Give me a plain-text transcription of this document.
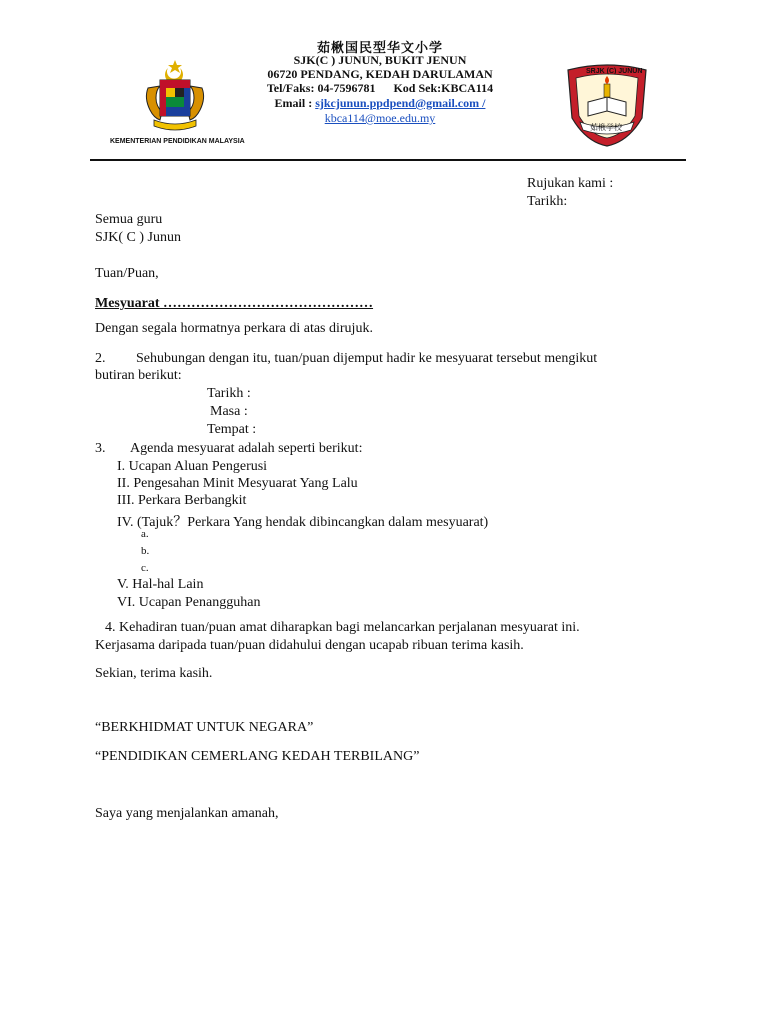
KEMENTERIAN PENDIDIKAN MALAYSIA
茹楸国民型华文小学
SJK(C ) JUNUN, BUKIT JENUN
06720 PENDANG, KEDAH DARULAMAN
Tel/Faks: 04-7596781 Kod Sek:KBCA114
Email : sjkcjunun.ppdpend@gmail.com /
kbca114@moe.edu.my
SRJK (C) JUNUN
茹楸学校
Rujukan kami :
Tarikh:
Semua guru
SJK( C ) Junun
Tuan/Puan,
Mesyuarat ………………………………………
Dengan segala hormatnya perkara di atas dirujuk.
2. Sehubungan dengan itu, tuan/puan dijemput hadir ke mesyuarat tersebut mengikut
butiran berikut:
Tarikh :
Masa :
Tempat :
3. Agenda mesyuarat adalah seperti berikut:
I. Ucapan Aluan Pengerusi
II. Pengesahan Minit Mesyuarat Yang Lalu
III. Perkara Berbangkit
IV. (Tajuk？Perkara Yang hendak dibincangkan dalam mesyuarat)
a.
b.
c.
V. Hal-hal Lain
VI. Ucapan Penangguhan
4. Kehadiran tuan/puan amat diharapkan bagi melancarkan perjalanan mesyuarat ini.
Kerjasama daripada tuan/puan didahului dengan ucapab ribuan terima kasih.
Sekian, terima kasih.
“BERKHIDMAT UNTUK NEGARA”
“PENDIDIKAN CEMERLANG KEDAH TERBILANG”
Saya yang menjalankan amanah,
